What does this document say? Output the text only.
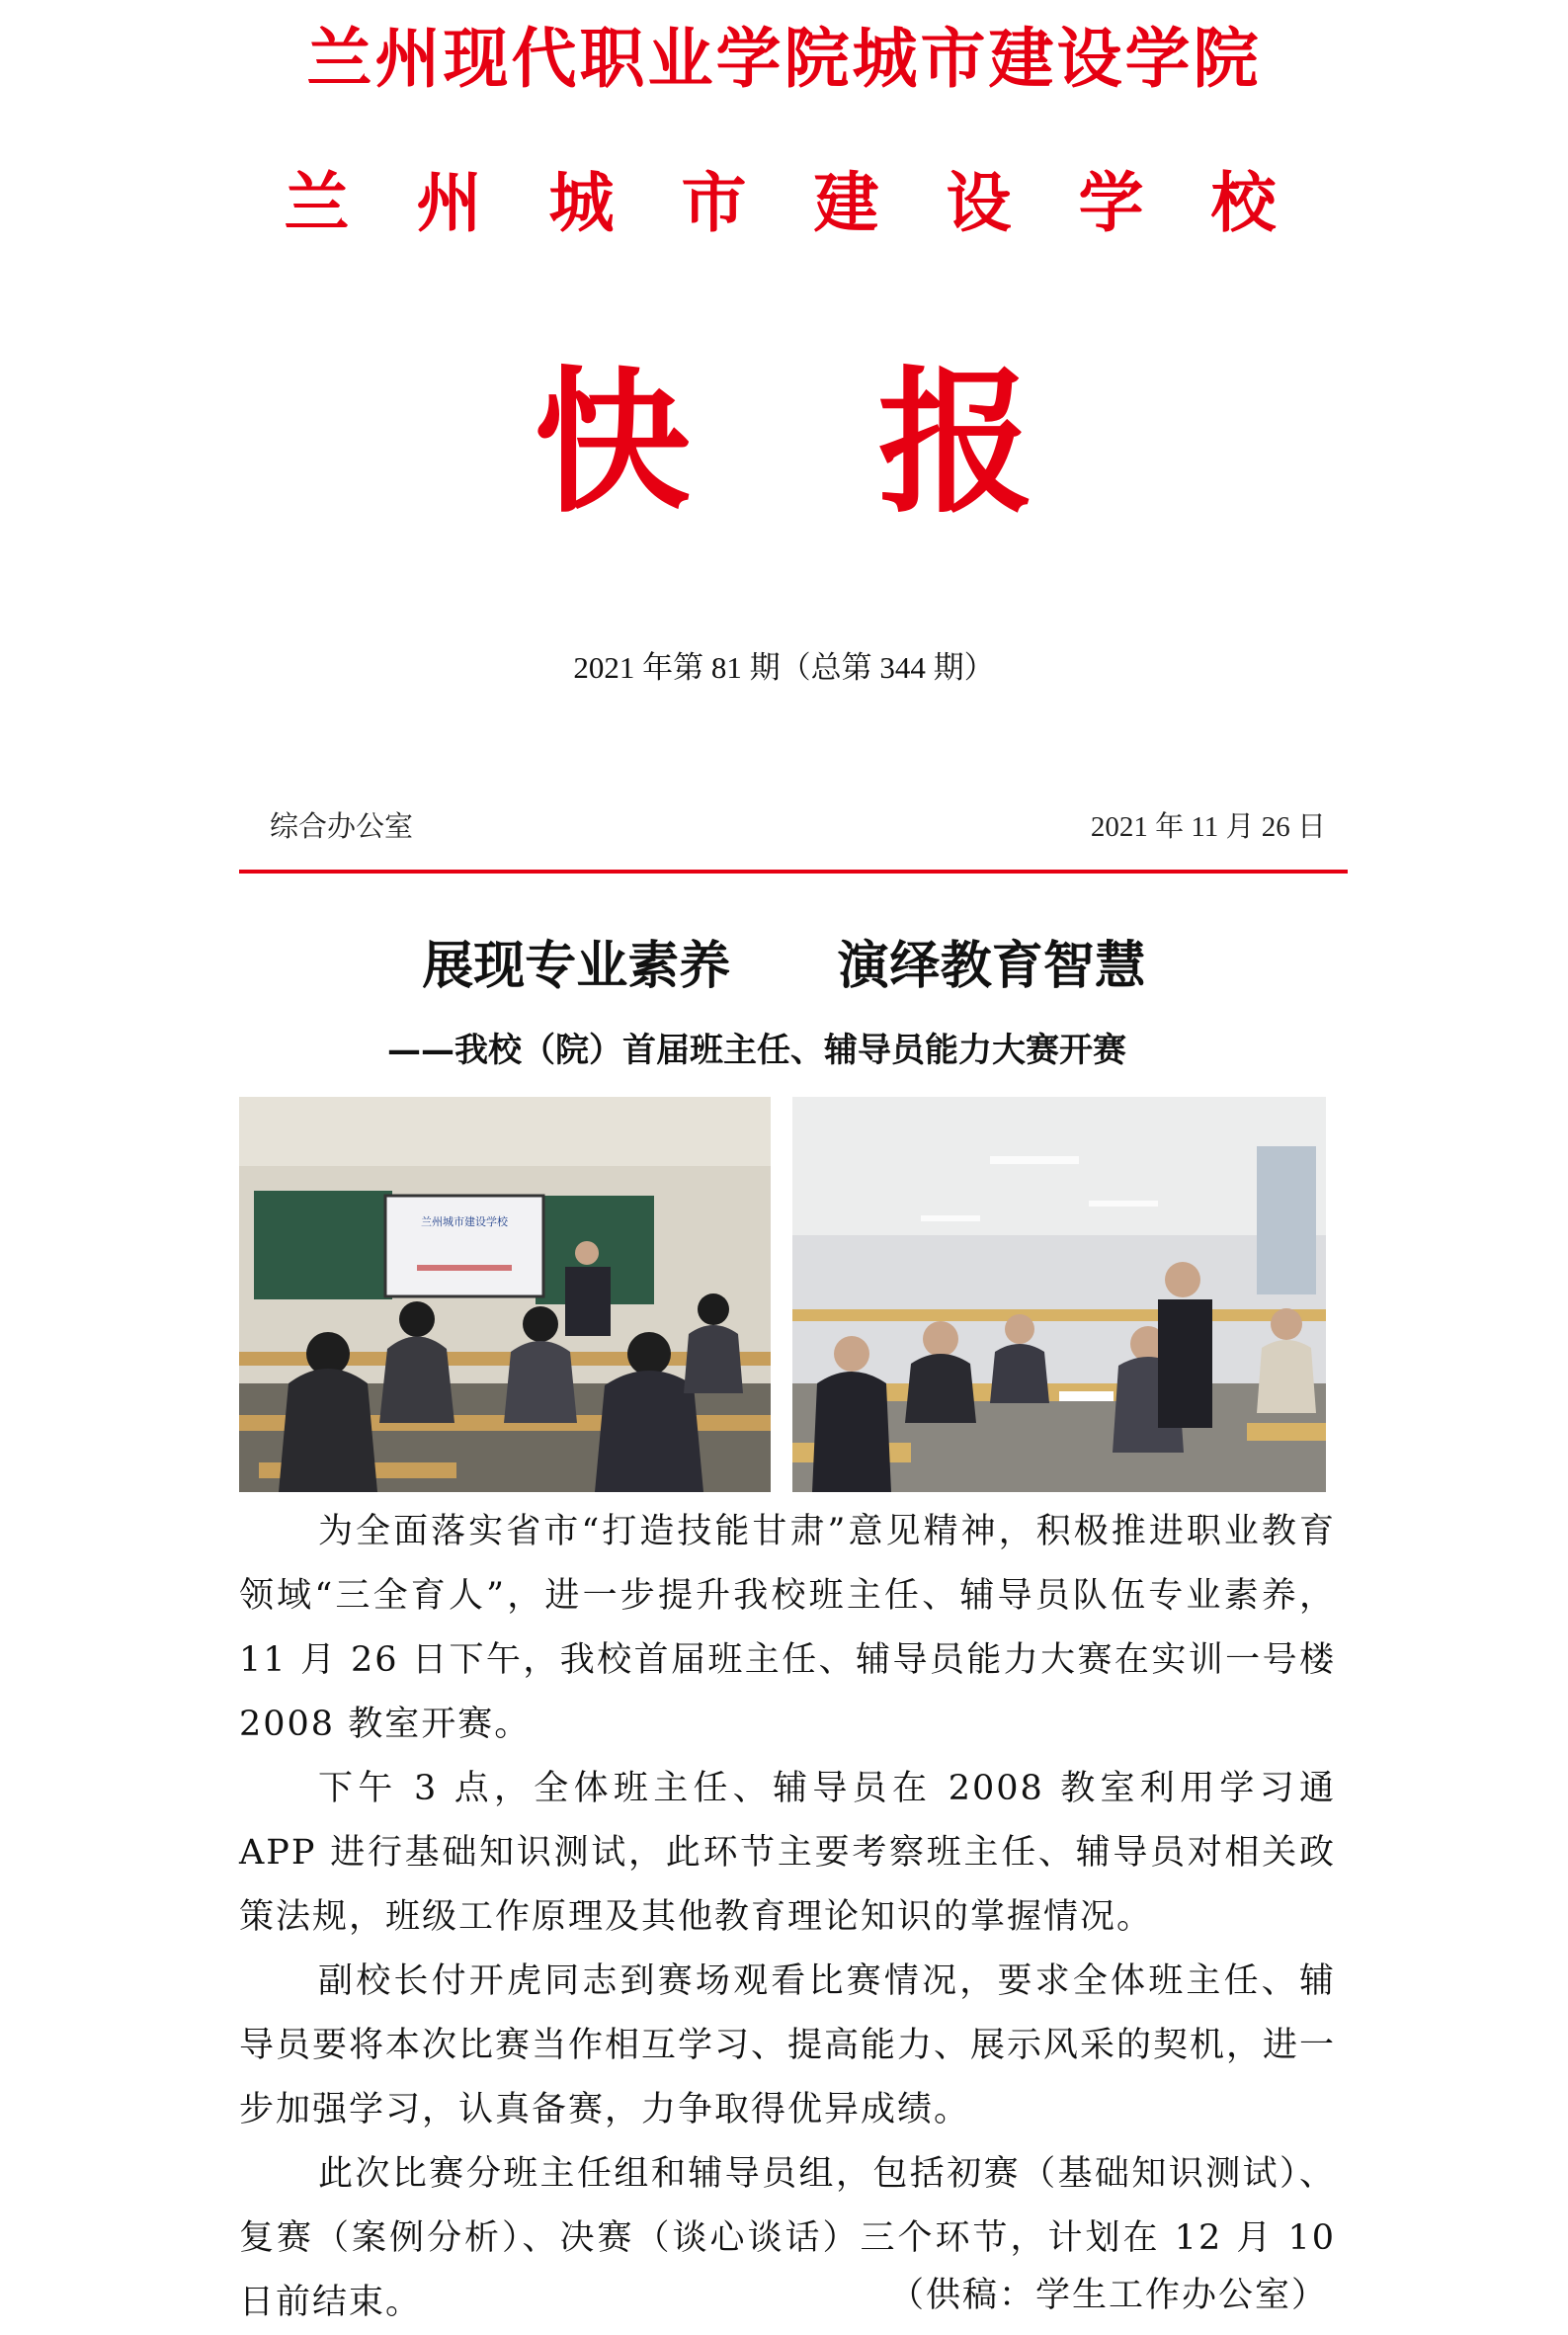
兰州现代职业学院城市建设学院
兰州城市建设学校
快报
2021 年第 81 期（总第 344 期）
综合办公室	2021 年 11 月 26 日
展现专业素养      演绎教育智慧
——我校（院）首届班主任、辅导员能力大赛开赛
兰州城市建设学校

为全面落实省市“打造技能甘肃”意见精神，积极推进职业教育领域“三全育人”，进一步提升我校班主任、辅导员队伍专业素养，11 月 26 日下午，我校首届班主任、辅导员能力大赛在实训一号楼 2008 教室开赛。

下午 3 点，全体班主任、辅导员在 2008 教室利用学习通 APP 进行基础知识测试，此环节主要考察班主任、辅导员对相关政策法规，班级工作原理及其他教育理论知识的掌握情况。

副校长付开虎同志到赛场观看比赛情况，要求全体班主任、辅导员要将本次比赛当作相互学习、提高能力、展示风采的契机，进一步加强学习，认真备赛，力争取得优异成绩。

此次比赛分班主任组和辅导员组，包括初赛（基础知识测试）、复赛（案例分析）、决赛（谈心谈话）三个环节，计划在 12 月 10 日前结束。	（供稿：学生工作办公室）
